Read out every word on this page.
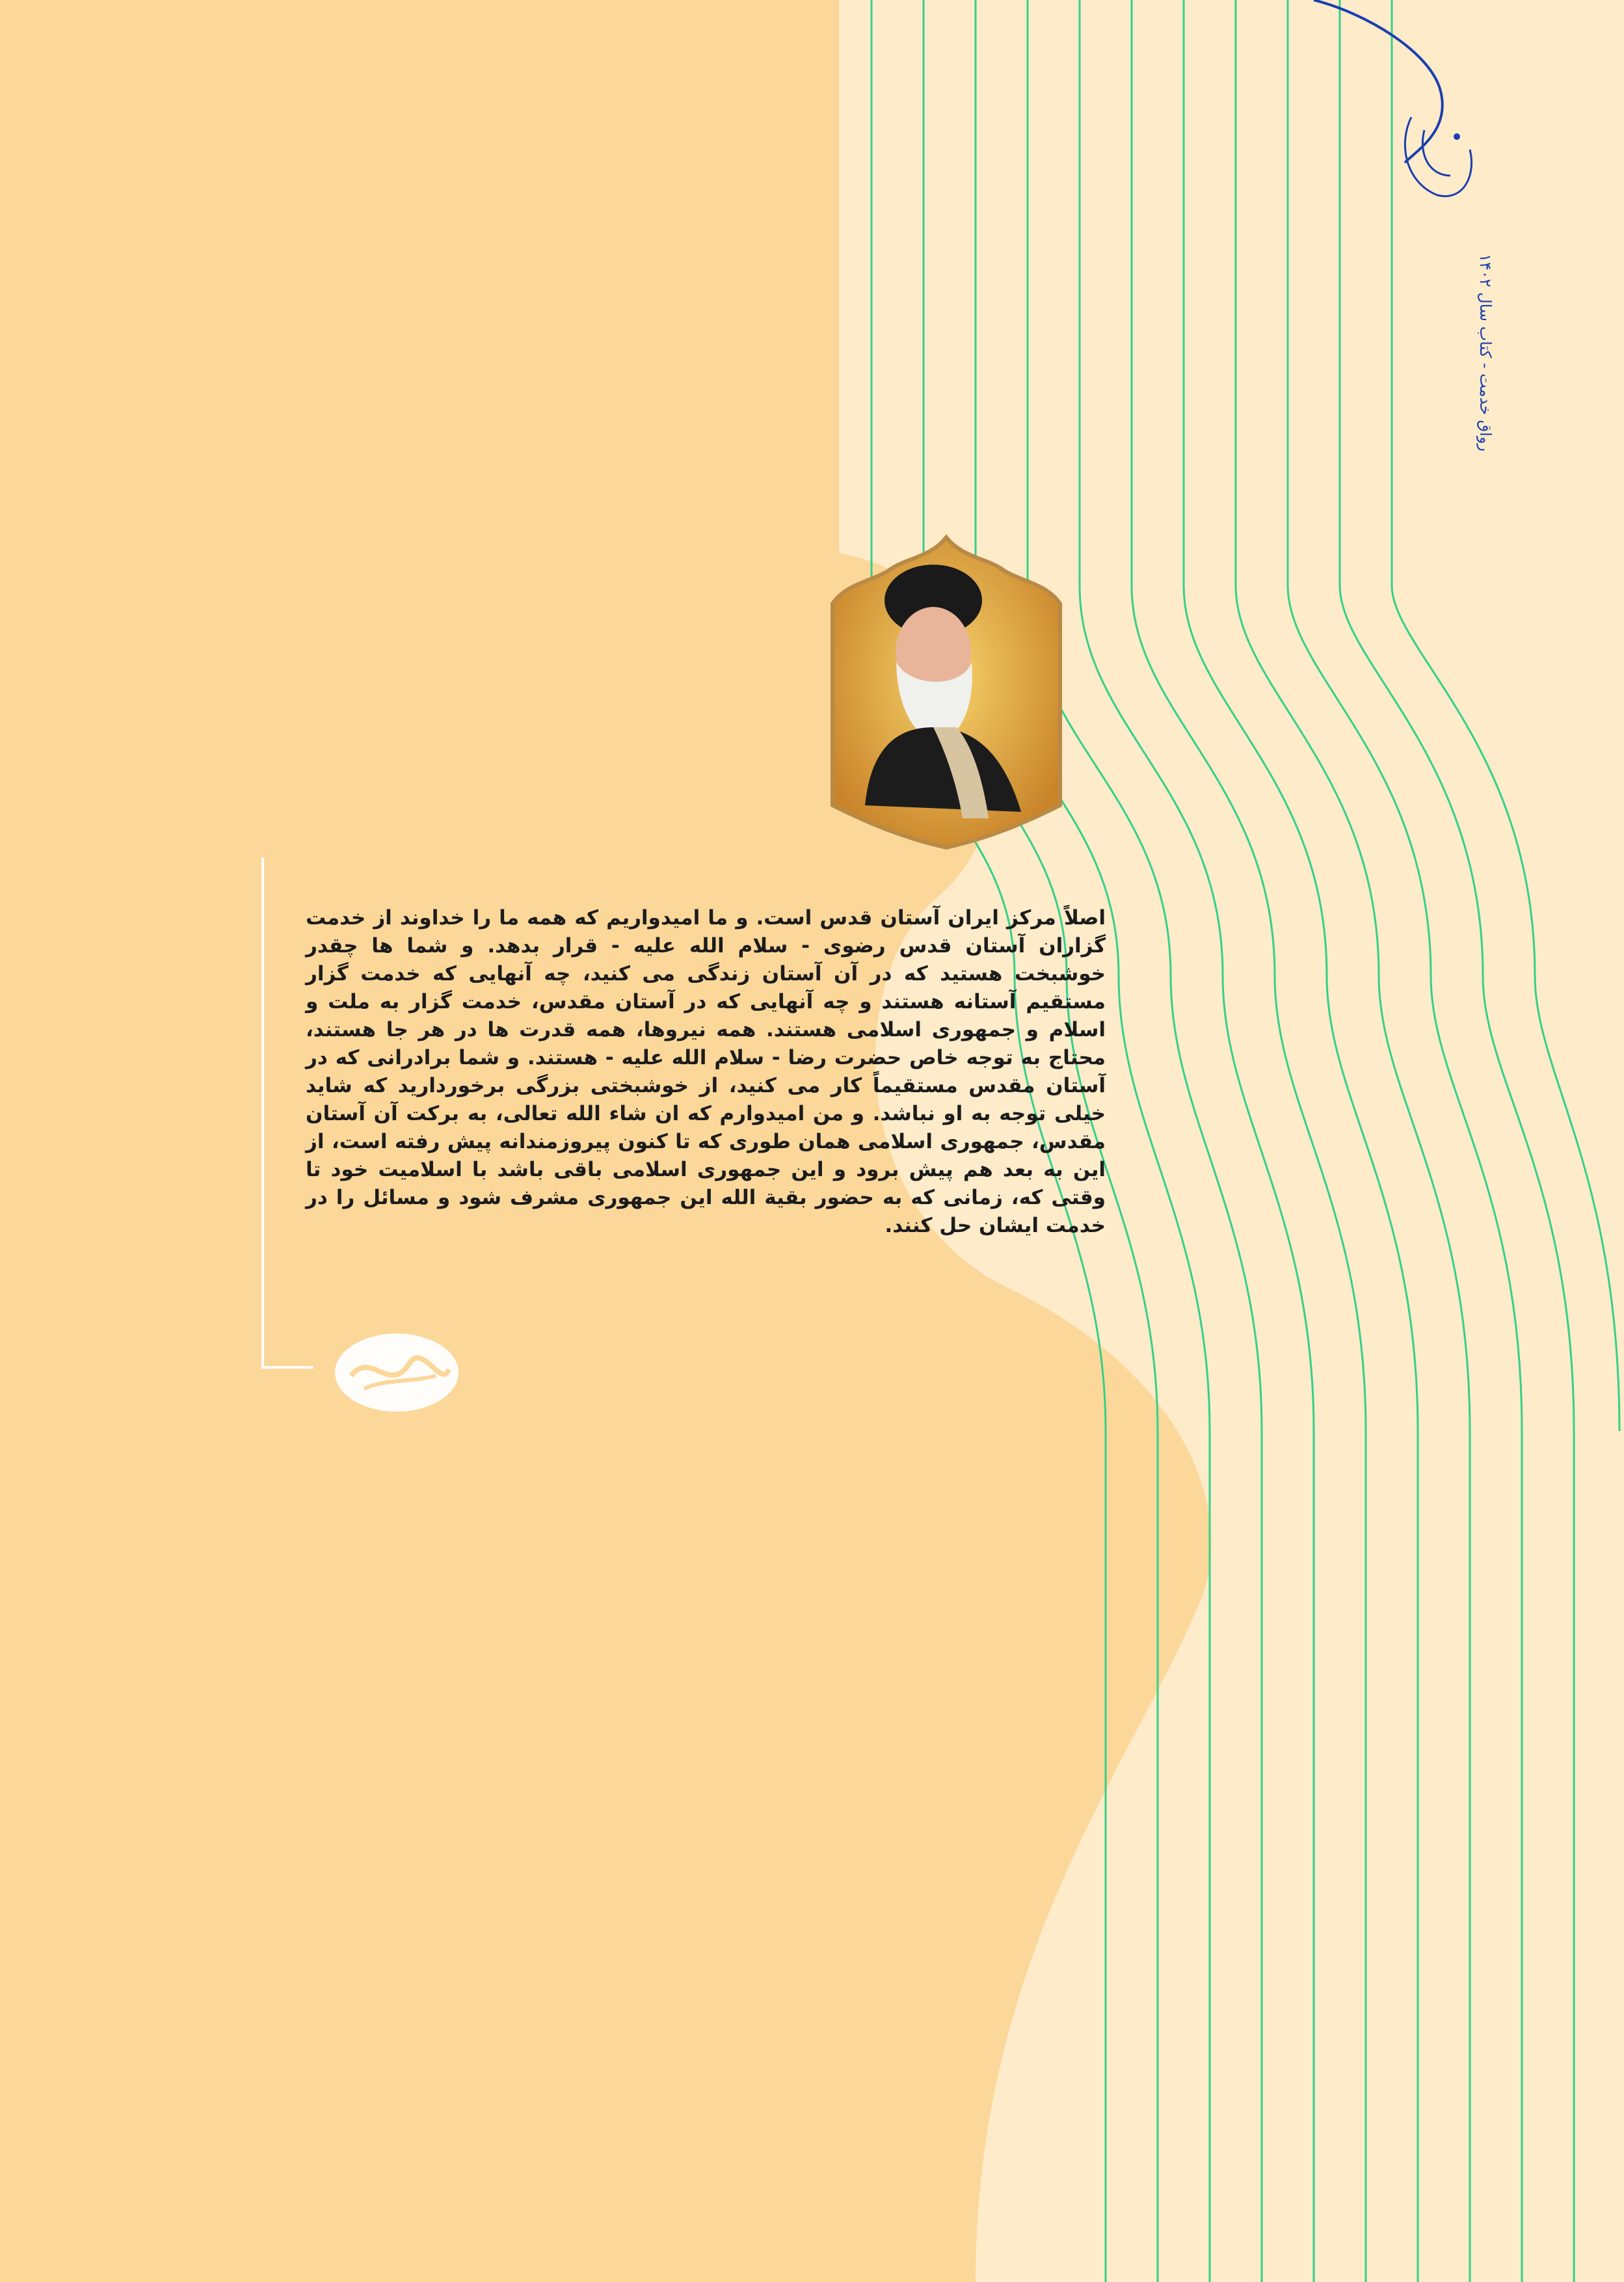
رواق خدمت - کتاب سال ۱۴۰۲
اصلاً مرکز ایران آستان قدس است. و ما امیدواریم که همه ما را خداوند از خدمت گزاران آستان قدس رضوی - سلام الله علیه - قرار بدهد. و شما ها چقدر خوشبخت هستید که در آن آستان زندگی می کنید، چه آنهایی که خدمت گزار مستقیم آستانه هستند و چه آنهایی که در آستان مقدس، خدمت گزار به ملت و اسلام و جمهوری اسلامی هستند. همه نیروها، همه قدرت ها در هر جا هستند، محتاج به توجه خاص حضرت رضا - سلام الله علیه - هستند. و شما برادرانی که در آستان مقدس مستقیماً کار می کنید، از خوشبختی بزرگی برخوردارید که شاید خیلی توجه به او نباشد. و من امیدوارم که ان شاء الله تعالی، به برکت آن آستان مقدس، جمهوری اسلامی همان طوری که تا کنون پیروزمندانه پیش رفته است، از این به بعد هم پیش برود و این جمهوری اسلامی باقی باشد با اسلامیت خود تا وقتی که، زمانی که به حضور بقیة الله این جمهوری مشرف شود و مسائل را در خدمت ایشان حل کنند.
